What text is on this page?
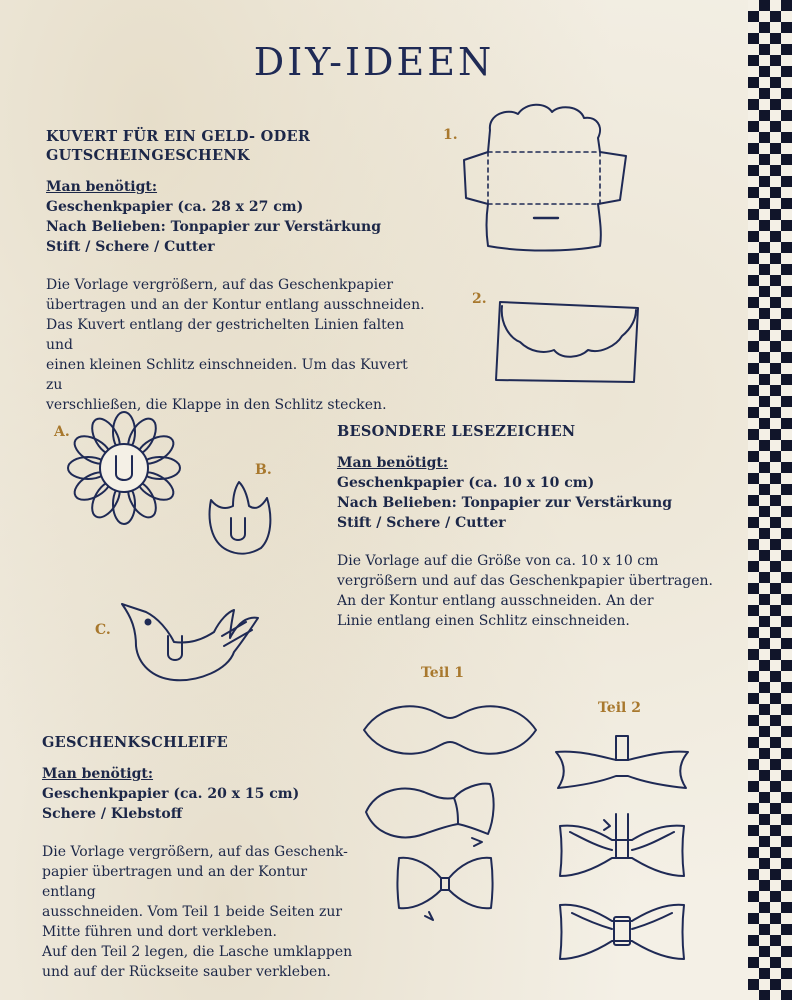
DIY-IDEEN
KUVERT FÜR EIN GELD- ODER
GUTSCHEINGESCHENK
Man benötigt:
Geschenkpapier (ca. 28 x 27 cm)
Nach Belieben: Tonpapier zur Verstärkung
Stift / Schere / Cutter
Die Vorlage vergrößern, auf das Geschenkpapier
übertragen und an der Kontur entlang ausschneiden.
Das Kuvert entlang der gestrichelten Linien falten und
einen kleinen Schlitz einschneiden. Um das Kuvert zu
verschließen, die Klappe in den Schlitz stecken.
1.
2.
BESONDERE LESEZEICHEN
Man benötigt:
Geschenkpapier (ca. 10 x 10 cm)
Nach Belieben: Tonpapier zur Verstärkung
Stift / Schere / Cutter
Die Vorlage auf die Größe von ca. 10 x 10 cm
vergrößern und auf das Geschenkpapier übertragen.
An der Kontur entlang ausschneiden. An der
Linie entlang einen Schlitz einschneiden.
A.
B.
C.
GESCHENKSCHLEIFE
Man benötigt:
Geschenkpapier (ca. 20 x 15 cm)
Schere / Klebstoff
Die Vorlage vergrößern, auf das Geschenk-
papier übertragen und an der Kontur entlang
ausschneiden. Vom Teil 1 beide Seiten zur
Mitte führen und dort verkleben.
Auf den Teil 2 legen, die Lasche umklappen
und auf der Rückseite sauber verkleben.
Teil 1
Teil 2
